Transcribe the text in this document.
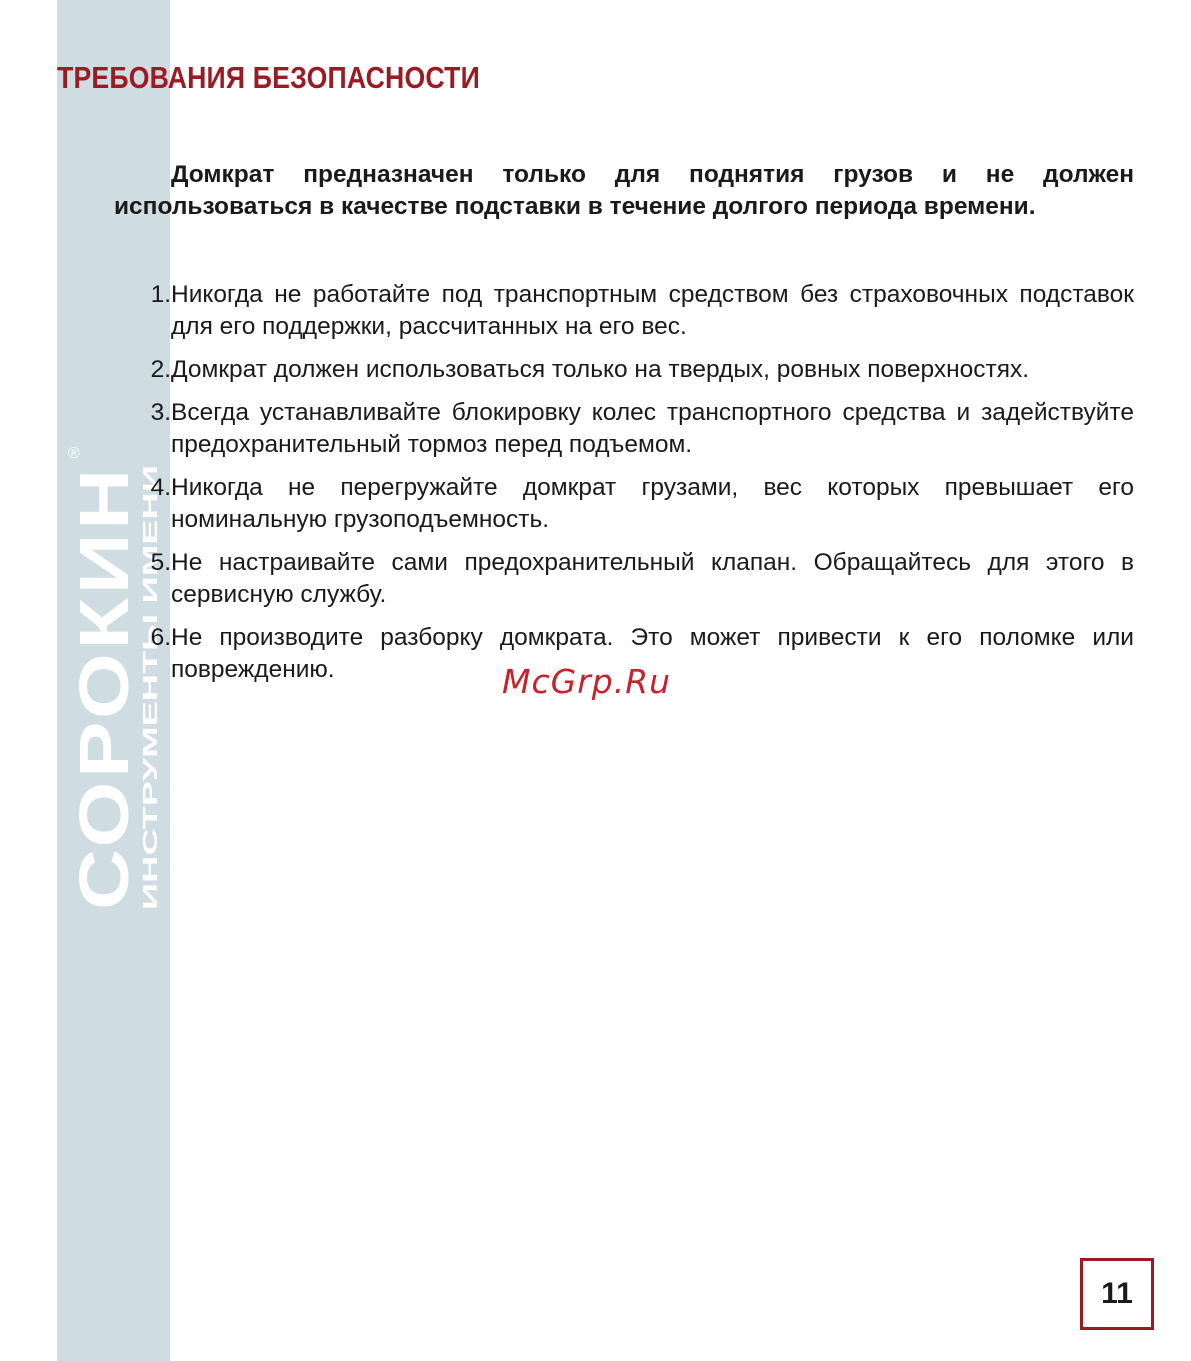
СОРОКИН
ИНСТРУМЕНТЫ ИМЕНИ
®
ТРЕБОВАНИЯ БЕЗОПАСНОСТИ

Домкрат предназначен только для поднятия грузов и не должен использоваться в качестве подставки в течение долгого периода времени.

1. Никогда не работайте под транспортным средством без страховочных подставок для его поддержки, рассчитанных на его вес.
2. Домкрат должен использоваться только на твердых, ровных поверхностях.
3. Всегда устанавливайте блокировку колес транспортного средства и задействуйте предохранительный тормоз перед подъемом.
4. Никогда не перегружайте домкрат грузами, вес которых превышает его номинальную грузоподъемность.
5. Не настраивайте сами предохранительный клапан. Обращайтесь для этого в сервисную службу.
6. Не производите разборку домкрата. Это может привести к его поломке или повреждению.	McGrp.Ru
11
